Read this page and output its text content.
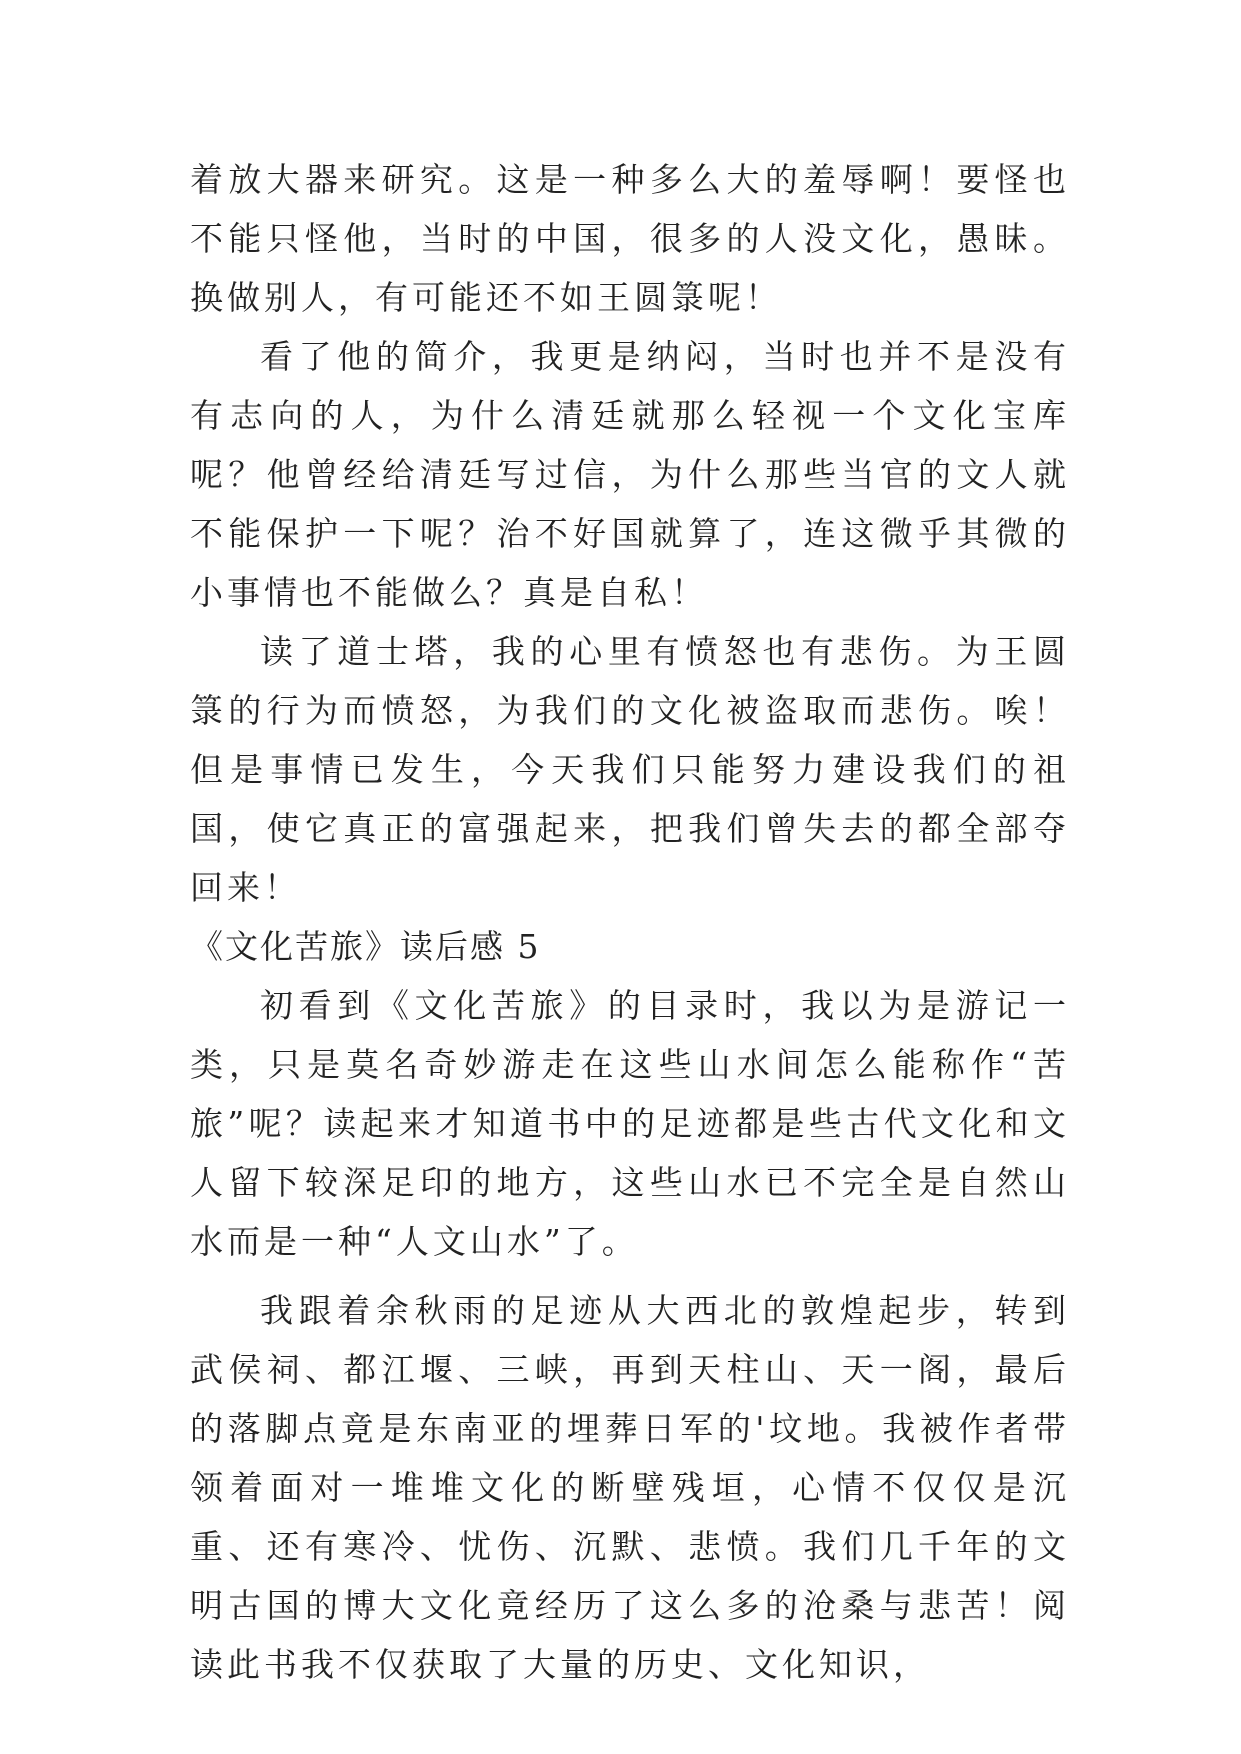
着放大器来研究。这是一种多么大的羞辱啊！要怪也不能只怪他，当时的中国，很多的人没文化，愚昧。换做别人，有可能还不如王圆箓呢！

看了他的简介，我更是纳闷，当时也并不是没有有志向的人，为什么清廷就那么轻视一个文化宝库呢？他曾经给清廷写过信，为什么那些当官的文人就不能保护一下呢？治不好国就算了，连这微乎其微的小事情也不能做么？真是自私！

读了道士塔，我的心里有愤怒也有悲伤。为王圆箓的行为而愤怒，为我们的文化被盗取而悲伤。唉！但是事情已发生，今天我们只能努力建设我们的祖国，使它真正的富强起来，把我们曾失去的都全部夺回来！

《文化苦旅》读后感 5

初看到《文化苦旅》的目录时，我以为是游记一类，只是莫名奇妙游走在这些山水间怎么能称作“苦旅”呢？读起来才知道书中的足迹都是些古代文化和文人留下较深足印的地方，这些山水已不完全是自然山水而是一种“人文山水”了。

我跟着余秋雨的足迹从大西北的敦煌起步，转到武侯祠、都江堰、三峡，再到天柱山、天一阁，最后的落脚点竟是东南亚的埋葬日军的'坟地。我被作者带领着面对一堆堆文化的断壁残垣，心情不仅仅是沉重、还有寒冷、忧伤、沉默、悲愤。我们几千年的文明古国的博大文化竟经历了这么多的沧桑与悲苦！阅读此书我不仅获取了大量的历史、文化知识，
